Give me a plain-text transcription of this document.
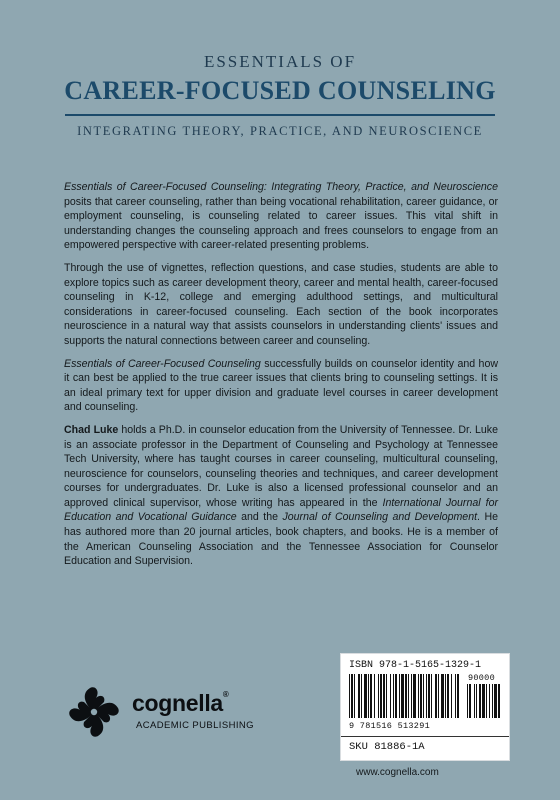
ESSENTIALS OF

CAREER-FOCUSED COUNSELING

INTEGRATING THEORY, PRACTICE, AND NEUROSCIENCE

Essentials of Career-Focused Counseling: Integrating Theory, Practice, and Neuroscience posits that career counseling, rather than being vocational rehabilitation, career guidance, or employment counseling, is counseling related to career issues. This vital shift in understanding changes the counseling approach and frees counselors to engage from an empowered perspective with career-related presenting problems.

Through the use of vignettes, reflection questions, and case studies, students are able to explore topics such as career development theory, career and mental health, career-focused counseling in K-12, college and emerging adulthood settings, and multicultural considerations in career-focused counseling. Each section of the book incorporates neuroscience in a natural way that assists counselors in understanding clients' issues and supports the natural connections between career and counseling.

Essentials of Career-Focused Counseling successfully builds on counselor identity and how it can best be applied to the true career issues that clients bring to counseling settings. It is an ideal primary text for upper division and graduate level courses in career development and counseling.

Chad Luke holds a Ph.D. in counselor education from the University of Tennessee. Dr. Luke is an associate professor in the Department of Counseling and Psychology at Tennessee Tech University, where has taught courses in career counseling, multicultural counseling, neuroscience for counselors, counseling theories and techniques, and career development courses for undergraduates. Dr. Luke is also a licensed professional counselor and an approved clinical supervisor, whose writing has appeared in the International Journal for Education and Vocational Guidance and the Journal of Counseling and Development. He has authored more than 20 journal articles, book chapters, and books. He is a member of the American Counseling Association and the Tennessee Association for Counselor Education and Supervision.

cognella®
ACADEMIC PUBLISHING
ISBN 978-1-5165-1329-1
9 781516 513291
90000
SKU 81886-1A
www.cognella.com
